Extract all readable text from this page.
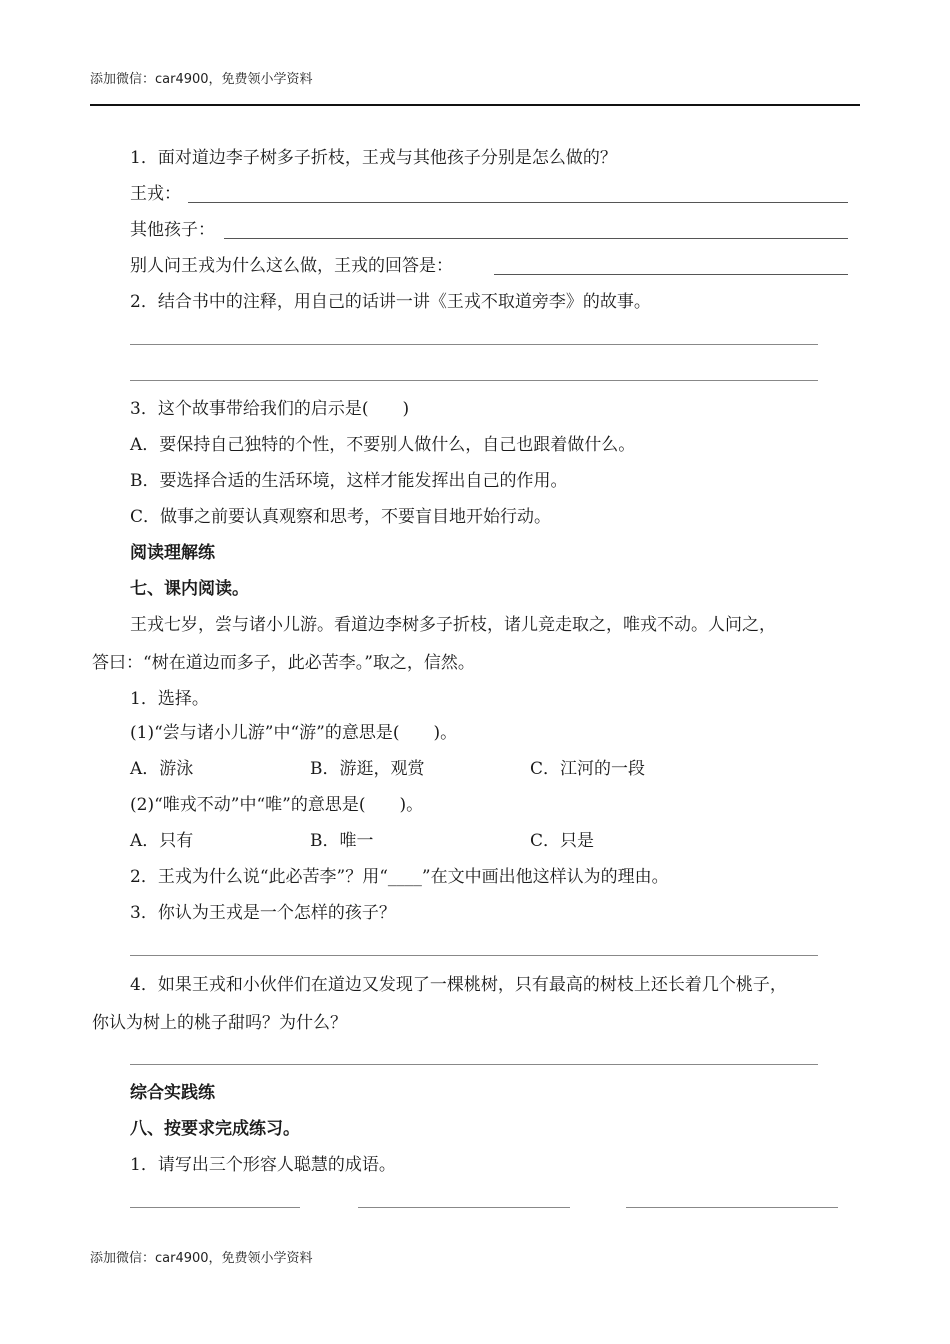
添加微信：car4900，免费领小学资料
1．面对道边李子树多子折枝，王戎与其他孩子分别是怎么做的？
王戎：
其他孩子：
别人问王戎为什么这么做，王戎的回答是：
2．结合书中的注释，用自己的话讲一讲《王戎不取道旁李》的故事。
3．这个故事带给我们的启示是(　　)
A．要保持自己独特的个性，不要别人做什么，自己也跟着做什么。
B．要选择合适的生活环境，这样才能发挥出自己的作用。
C．做事之前要认真观察和思考，不要盲目地开始行动。
阅读理解练
七、课内阅读。
王戎七岁，尝与诸小儿游。看道边李树多子折枝，诸儿竞走取之，唯戎不动。人问之，
答曰：“树在道边而多子，此必苦李。”取之，信然。
1．选择。
(1)“尝与诸小儿游”中“游”的意思是(　　)。
A．游泳	B．游逛，观赏	C．江河的一段
(2)“唯戎不动”中“唯”的意思是(　　)。
A．只有	B．唯一	C．只是
2．王戎为什么说“此必苦李”？用“____”在文中画出他这样认为的理由。
3．你认为王戎是一个怎样的孩子？
4．如果王戎和小伙伴们在道边又发现了一棵桃树，只有最高的树枝上还长着几个桃子，
你认为树上的桃子甜吗？为什么？
综合实践练
八、按要求完成练习。
1．请写出三个形容人聪慧的成语。
添加微信：car4900，免费领小学资料
